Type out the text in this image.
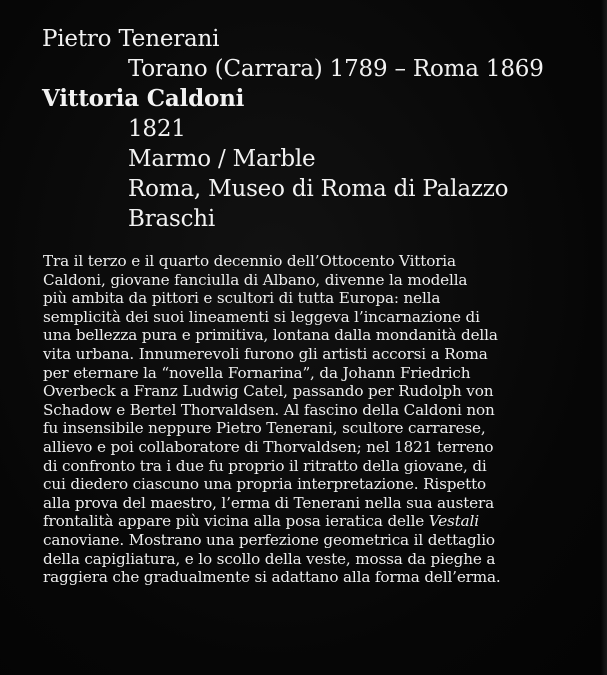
Pietro Tenerani
Torano (Carrara) 1789 – Roma 1869
Vittoria Caldoni
1821
Marmo / Marble
Roma, Museo di Roma di Palazzo
Braschi
Tra il terzo e il quarto decennio dell’Ottocento Vittoria
Caldoni, giovane fanciulla di Albano, divenne la modella
più ambita da pittori e scultori di tutta Europa: nella
semplicità dei suoi lineamenti si leggeva l’incarnazione di
una bellezza pura e primitiva, lontana dalla mondanità della
vita urbana. Innumerevoli furono gli artisti accorsi a Roma
per eternare la “novella Fornarina”, da Johann Friedrich
Overbeck a Franz Ludwig Catel, passando per Rudolph von
Schadow e Bertel Thorvaldsen. Al fascino della Caldoni non
fu insensibile neppure Pietro Tenerani, scultore carrarese,
allievo e poi collaboratore di Thorvaldsen; nel 1821 terreno
di confronto tra i due fu proprio il ritratto della giovane, di
cui diedero ciascuno una propria interpretazione. Rispetto
alla prova del maestro, l’erma di Tenerani nella sua austera
frontalità appare più vicina alla posa ieratica delle Vestali
canoviane. Mostrano una perfezione geometrica il dettaglio
della capigliatura, e lo scollo della veste, mossa da pieghe a
raggiera che gradualmente si adattano alla forma dell’erma.
